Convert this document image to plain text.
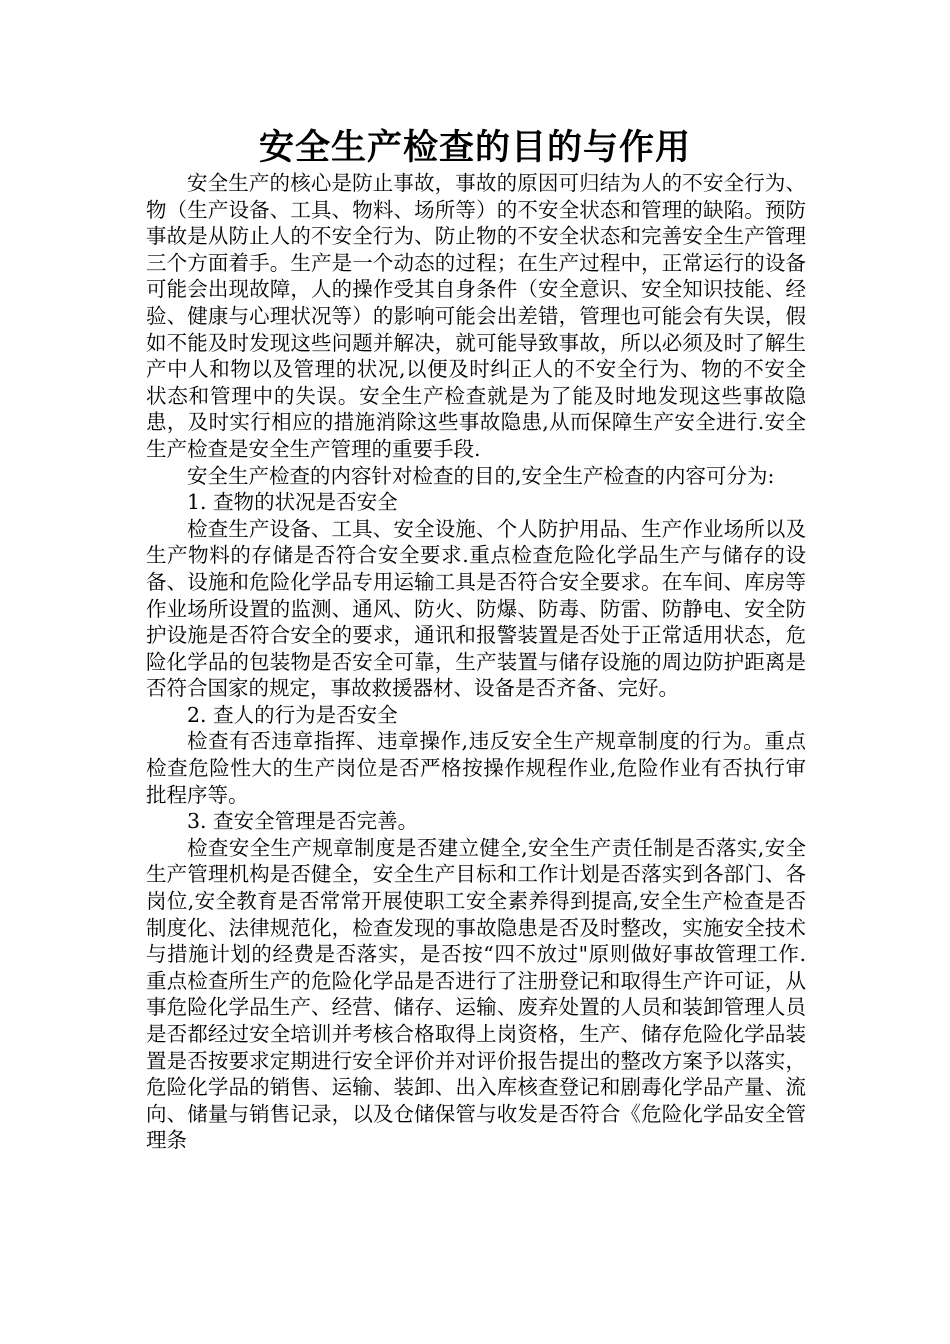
安全生产检查的目的与作用

安全生产的核心是防止事故，事故的原因可归结为人的不安全行为、物（生产设备、工具、物料、场所等）的不安全状态和管理的缺陷。预防事故是从防止人的不安全行为、防止物的不安全状态和完善安全生产管理三个方面着手。生产是一个动态的过程；在生产过程中，正常运行的设备可能会出现故障，人的操作受其自身条件（安全意识、安全知识技能、经验、健康与心理状况等）的影响可能会出差错，管理也可能会有失误，假如不能及时发现这些问题并解决，就可能导致事故，所以必须及时了解生产中人和物以及管理的状况,以便及时纠正人的不安全行为、物的不安全状态和管理中的失误。安全生产检查就是为了能及时地发现这些事故隐患，及时实行相应的措施消除这些事故隐患,从而保障生产安全进行.安全生产检查是安全生产管理的重要手段.

安全生产检查的内容针对检查的目的,安全生产检查的内容可分为:

1. 查物的状况是否安全

检查生产设备、工具、安全设施、个人防护用品、生产作业场所以及生产物料的存储是否符合安全要求.重点检查危险化学品生产与储存的设备、设施和危险化学品专用运输工具是否符合安全要求。在车间、库房等作业场所设置的监测、通风、防火、防爆、防毒、防雷、防静电、安全防护设施是否符合安全的要求，通讯和报警装置是否处于正常适用状态，危险化学品的包装物是否安全可靠，生产装置与储存设施的周边防护距离是否符合国家的规定，事故救援器材、设备是否齐备、完好。

2. 查人的行为是否安全

检查有否违章指挥、违章操作,违反安全生产规章制度的行为。重点检查危险性大的生产岗位是否严格按操作规程作业,危险作业有否执行审批程序等。

3. 查安全管理是否完善。

检查安全生产规章制度是否建立健全,安全生产责任制是否落实,安全生产管理机构是否健全，安全生产目标和工作计划是否落实到各部门、各岗位,安全教育是否常常开展使职工安全素养得到提高,安全生产检查是否制度化、法律规范化，检查发现的事故隐患是否及时整改，实施安全技术与措施计划的经费是否落实，是否按“四不放过"原则做好事故管理工作.重点检查所生产的危险化学品是否进行了注册登记和取得生产许可证，从事危险化学品生产、经营、储存、运输、废弃处置的人员和装卸管理人员是否都经过安全培训并考核合格取得上岗资格，生产、储存危险化学品装置是否按要求定期进行安全评价并对评价报告提出的整改方案予以落实，危险化学品的销售、运输、装卸、出入库核查登记和剧毒化学品产量、流向、储量与销售记录，以及仓储保管与收发是否符合《危险化学品安全管理条
